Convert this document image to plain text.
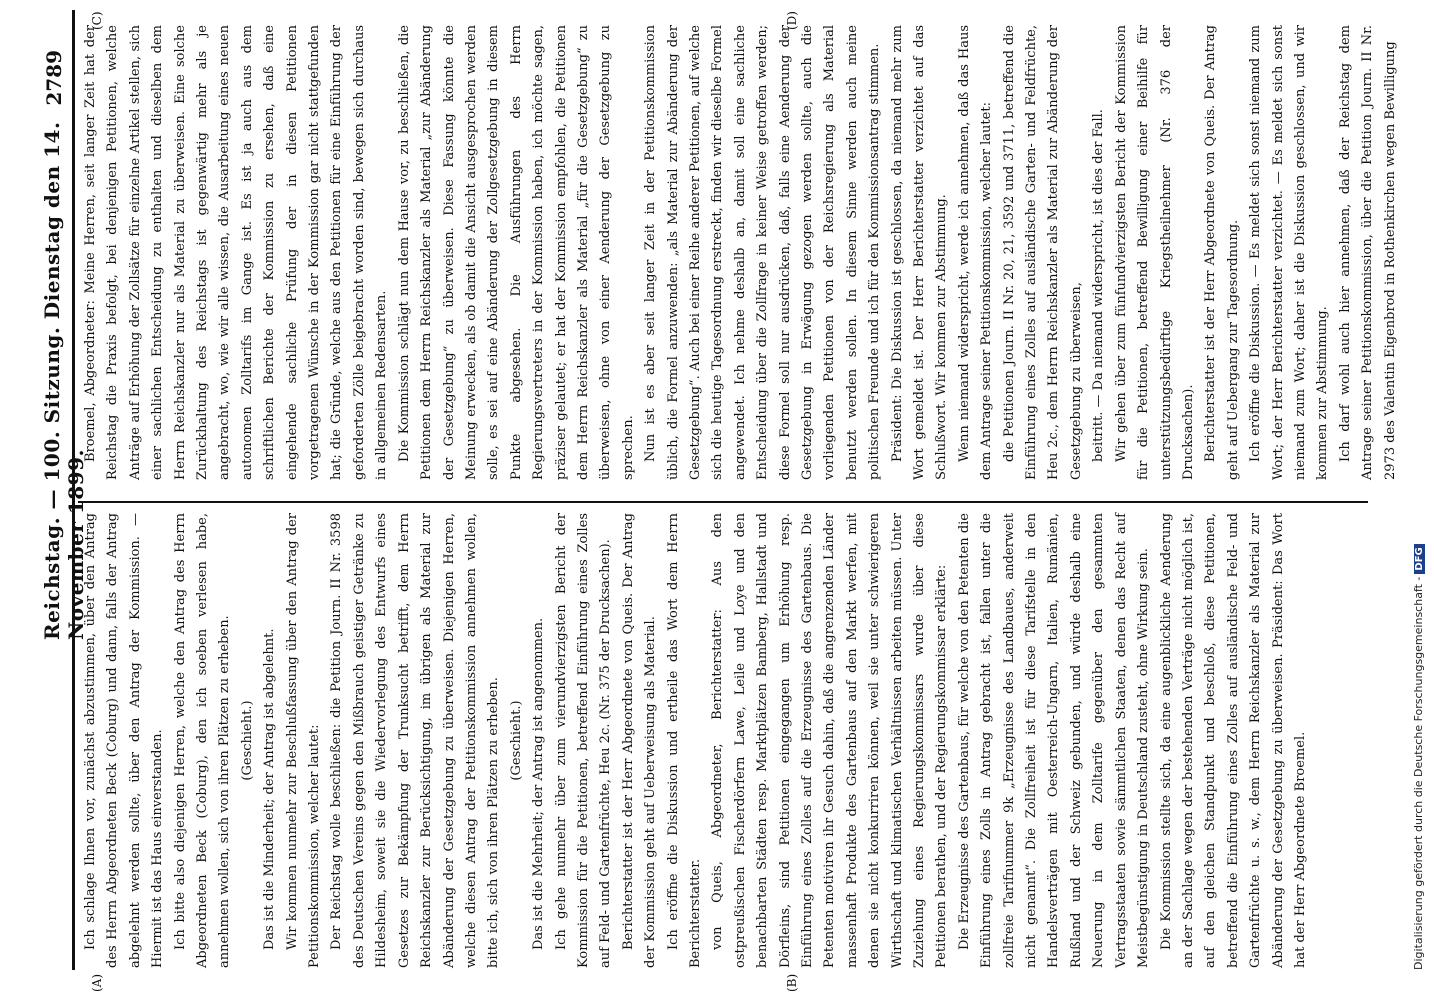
Reichstag. — 100. Sitzung. Dienstag den 14. November 1899.
2789
(A)	(B)
(C)	(D)

Ich schlage Ihnen vor, zunächst abzustimmen, über den Antrag des Herrn Abgeordneten Beck (Coburg) und dann, falls der Antrag abgelehnt werden sollte, über den Antrag der Kommission. — Hiermit ist das Haus einverstanden. Ich bitte also diejenigen Herren, welche den Antrag des Herrn Abgeordneten Beck (Coburg), den ich soeben verlesen habe, annehmen wollen, sich von ihren Plätzen zu erheben. (Geschieht.) Das ist die Minderheit; der Antrag ist abgelehnt. Wir kommen nunmehr zur Beschlußfassung über den Antrag der Petitionskommission, welcher lautet: Der Reichstag wolle beschließen: die Petition Journ. II Nr. 3598 des Deutschen Vereins gegen den Mißbrauch geistiger Getränke zu Hildesheim, soweit sie die Wiedervorlegung des Entwurfs eines Gesetzes zur Bekämpfung der Trunksucht betrifft, dem Herrn Reichskanzler zur Berücksichtigung, im übrigen als Material zur Abänderung der Gesetzgebung zu überweisen. Diejenigen Herren, welche diesen Antrag der Petitionskommission annehmen wollen, bitte ich, sich von ihren Plätzen zu erheben. (Geschieht.) Das ist die Mehrheit; der Antrag ist angenommen. Ich gehe nunmehr über zum vierundvierzigsten Bericht der Kommission für die Petitionen, betreffend Einführung eines Zolles auf Feld- und Gartenfrüchte, Heu 2c. (Nr. 375 der Drucksachen). Berichterstatter ist der Herr Abgeordnete von Queis. Der Antrag der Kommission geht auf Ueberweisung als Material. Ich eröffne die Diskussion und ertheile das Wort dem Herrn Berichterstatter. von Queis, Abgeordneter, Berichterstatter: Aus den ostpreußischen Fischerdörfern Lawe, Leile und Loye und den benachbarten Städten resp. Marktplätzen Bamberg, Hallstadt und Dörfleins, sind Petitionen eingegangen um Erhöhung resp. Einführung eines Zolles auf die Erzeugnisse des Gartenbaus. Die Petenten motiviren ihr Gesuch dahin, daß die angrenzenden Länder massenhaft Produkte des Gartenbaus auf den Markt werfen, mit denen sie nicht konkurriren können, weil sie unter schwierigeren Wirthschaft und klimatischen Verhältnissen arbeiten müssen. Unter Zuziehung eines Regierungskommissars wurde über diese Petitionen berathen, und der Regierungskommissar erklärte: Die Erzeugnisse des Gartenbaus, für welche von den Petenten die Einführung eines Zolls in Antrag gebracht ist, fallen unter die zollfreie Tarifnummer 9k „Erzeugnisse des Landbaues, anderweit nicht genannt“. Die Zollfreiheit ist für diese Tarifstelle in den Handelsverträgen mit Oesterreich-Ungarn, Italien, Rumänien, Rußland und der Schweiz gebunden, und würde deshalb eine Neuerung in dem Zolltarife gegenüber den gesammten Vertragsstaaten sowie sämmtlichen Staaten, denen das Recht auf Meistbegünstigung in Deutschland zusteht, ohne Wirkung sein. Die Kommission stellte sich, da eine augenblickliche Aenderung an der Sachlage wegen der bestehenden Verträge nicht möglich ist, auf den gleichen Standpunkt und beschloß, diese Petitionen, betreffend die Einführung eines Zolles auf ausländische Feld- und Gartenfrüchte u. s. w., dem Herrn Reichskanzler als Material zur Abänderung der Gesetzgebung zu überweisen. Präsident: Das Wort hat der Herr Abgeordnete Broemel.

Broemel, Abgeordneter: Meine Herren, seit langer Zeit hat der Reichstag die Praxis befolgt, bei denjenigen Petitionen, welche Anträge auf Erhöhung der Zollsätze für einzelne Artikel stellen, sich einer sachlichen Entscheidung zu enthalten und dieselben dem Herrn Reichskanzler nur als Material zu überweisen. Eine solche Zurückhaltung des Reichstags ist gegenwärtig mehr als je angebracht, wo, wie wir alle wissen, die Ausarbeitung eines neuen autonomen Zolltarifs im Gange ist. Es ist ja auch aus dem schriftlichen Berichte der Kommission zu ersehen, daß eine eingehende sachliche Prüfung der in diesen Petitionen vorgetragenen Wünsche in der Kommission gar nicht stattgefunden hat; die Gründe, welche aus den Petitionen für eine Einführung der geforderten Zölle beigebracht worden sind, bewegen sich durchaus in allgemeinen Redensarten. Die Kommission schlägt nun dem Hause vor, zu beschließen, die Petitionen dem Herrn Reichskanzler als Material „zur Abänderung der Gesetzgebung“ zu überweisen. Diese Fassung könnte die Meinung erwecken, als ob damit die Ansicht ausgesprochen werden solle, es sei auf eine Abänderung der Zollgesetzgebung in diesem Punkte abgesehen. Die Ausführungen des Herrn Regierungsvertreters in der Kommission haben, ich möchte sagen, präziser gelautet; er hat der Kommission empfohlen, die Petitionen dem Herrn Reichskanzler als Material „für die Gesetzgebung“ zu überweisen, ohne von einer Aenderung der Gesetzgebung zu sprechen. Nun ist es aber seit langer Zeit in der Petitionskommission üblich, die Formel anzuwenden: „als Material zur Abänderung der Gesetzgebung“. Auch bei einer Reihe anderer Petitionen, auf welche sich die heutige Tagesordnung erstreckt, finden wir dieselbe Formel angewendet. Ich nehme deshalb an, damit soll eine sachliche Entscheidung über die Zollfrage in keiner Weise getroffen werden; diese Formel soll nur ausdrücken, daß, falls eine Aenderung der Gesetzgebung in Erwägung gezogen werden sollte, auch die vorliegenden Petitionen von der Reichsregierung als Material benutzt werden sollen. In diesem Sinne werden auch meine politischen Freunde und ich für den Kommissionsantrag stimmen. Präsident: Die Diskussion ist geschlossen, da niemand mehr zum Wort gemeldet ist. Der Herr Berichterstatter verzichtet auf das Schlußwort. Wir kommen zur Abstimmung. Wenn niemand widerspricht, werde ich annehmen, daß das Haus dem Antrage seiner Petitionskommission, welcher lautet: die Petitionen Journ. II Nr. 20, 21, 3592 und 3711, betreffend die Einführung eines Zolles auf ausländische Garten- und Feldfrüchte, Heu 2c., dem Herrn Reichskanzler als Material zur Abänderung der Gesetzgebung zu überweisen, beitritt. — Da niemand widerspricht, ist dies der Fall. Wir gehen über zum fünfundvierzigsten Bericht der Kommission für die Petitionen, betreffend Bewilligung einer Beihilfe für unterstützungsbedürftige Kriegstheilnehmer (Nr. 376 der Drucksachen). Berichterstatter ist der Herr Abgeordnete von Queis. Der Antrag geht auf Uebergang zur Tagesordnung. Ich eröffne die Diskussion. — Es meldet sich sonst niemand zum Wort; der Herr Berichterstatter verzichtet. — Es meldet sich sonst niemand zum Wort; daher ist die Diskussion geschlossen, und wir kommen zur Abstimmung. Ich darf wohl auch hier annehmen, daß der Reichstag dem Antrage seiner Petitionskommission, über die Petition Journ. II Nr. 2973 des Valentin Eigenbrod in Rothenkirchen wegen Bewilligung

Digitalisierung gefördert durch die Deutsche Forschungsgemeinschaft -DFG
